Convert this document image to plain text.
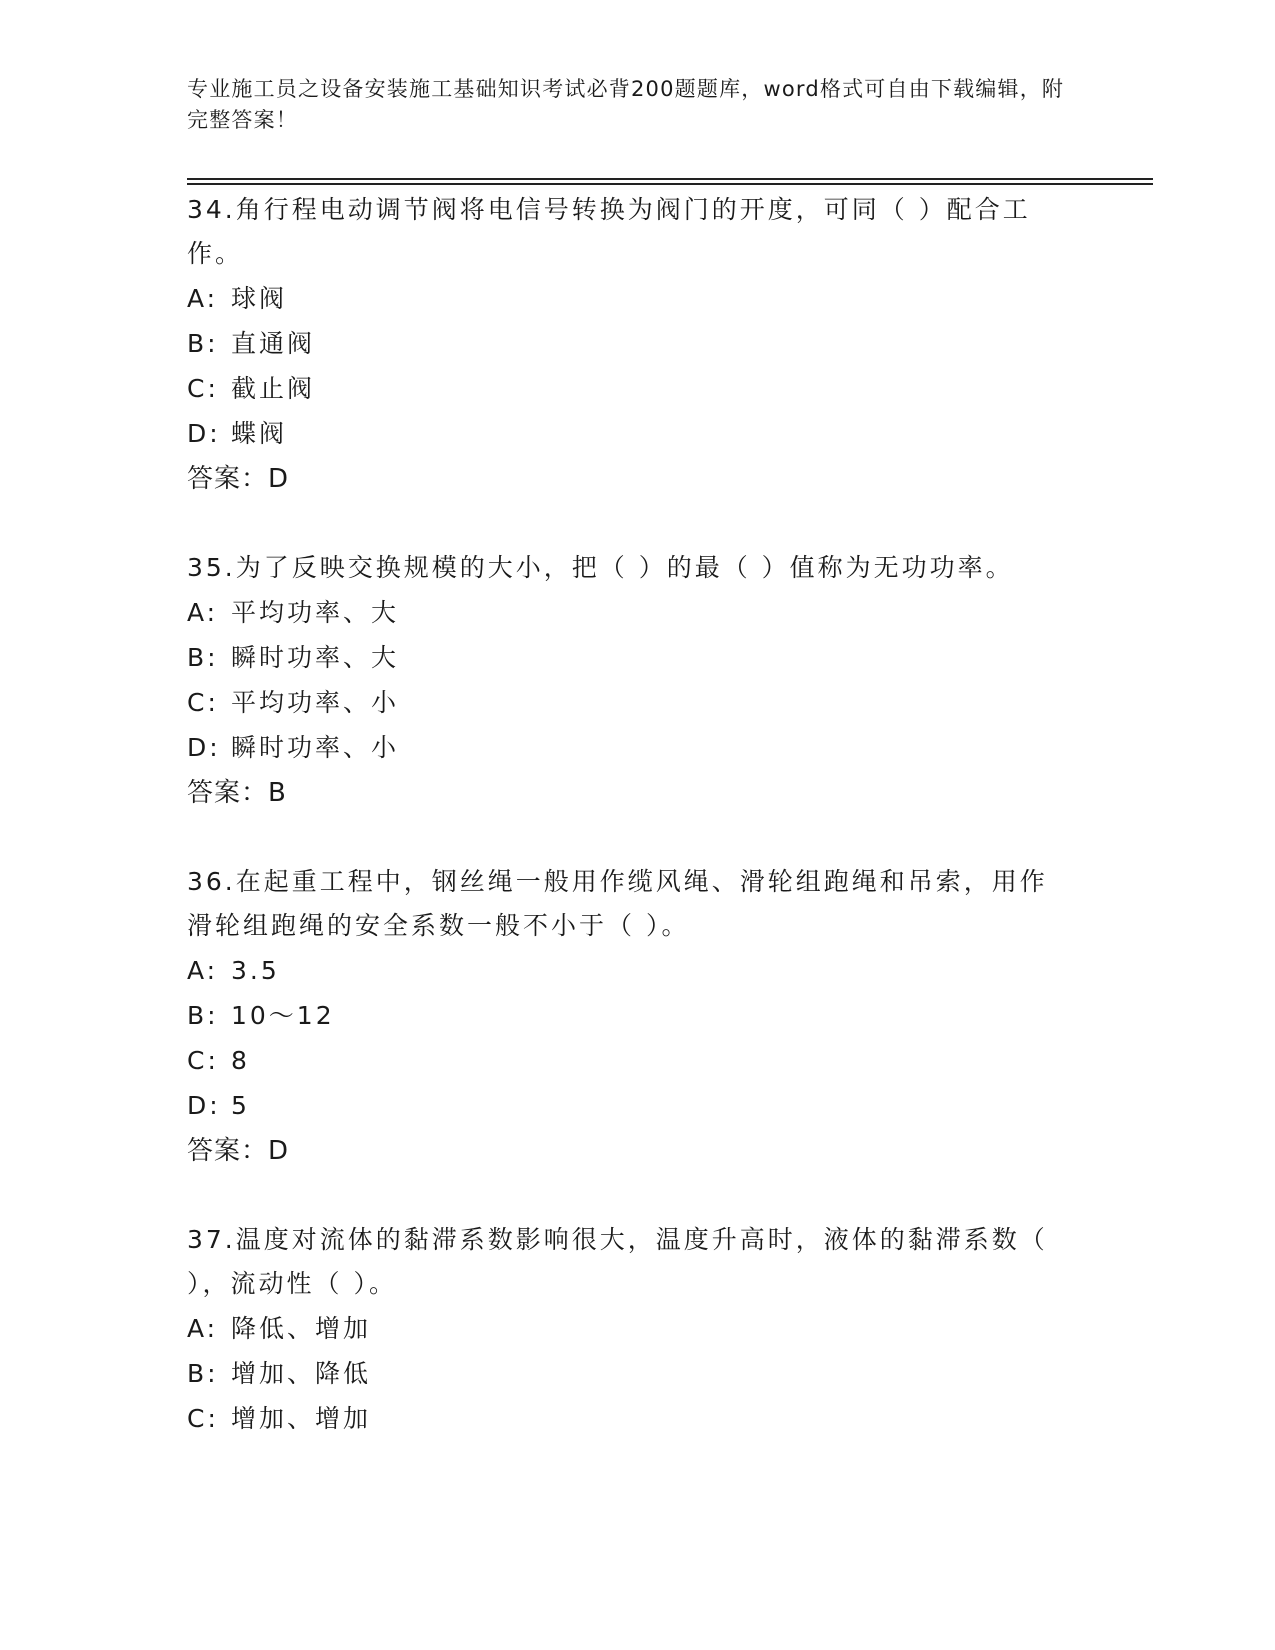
专业施工员之设备安装施工基础知识考试必背200题题库，word格式可自由下载编辑，附完整答案！

34.角行程电动调节阀将电信号转换为阀门的开度，可同（ ）配合工作。

A: 球阀

B: 直通阀

C: 截止阀

D: 蝶阀

答案：D

35.为了反映交换规模的大小，把（ ）的最（ ）值称为无功功率。

A: 平均功率、大

B: 瞬时功率、大

C: 平均功率、小

D: 瞬时功率、小

答案：B

36.在起重工程中，钢丝绳一般用作缆风绳、滑轮组跑绳和吊索，用作滑轮组跑绳的安全系数一般不小于（ ）。

A: 3.5

B: 10～12

C: 8

D: 5

答案：D

37.温度对流体的黏滞系数影响很大，温度升高时，液体的黏滞系数（ ），流动性（ ）。

A: 降低、增加

B: 增加、降低

C: 增加、增加
